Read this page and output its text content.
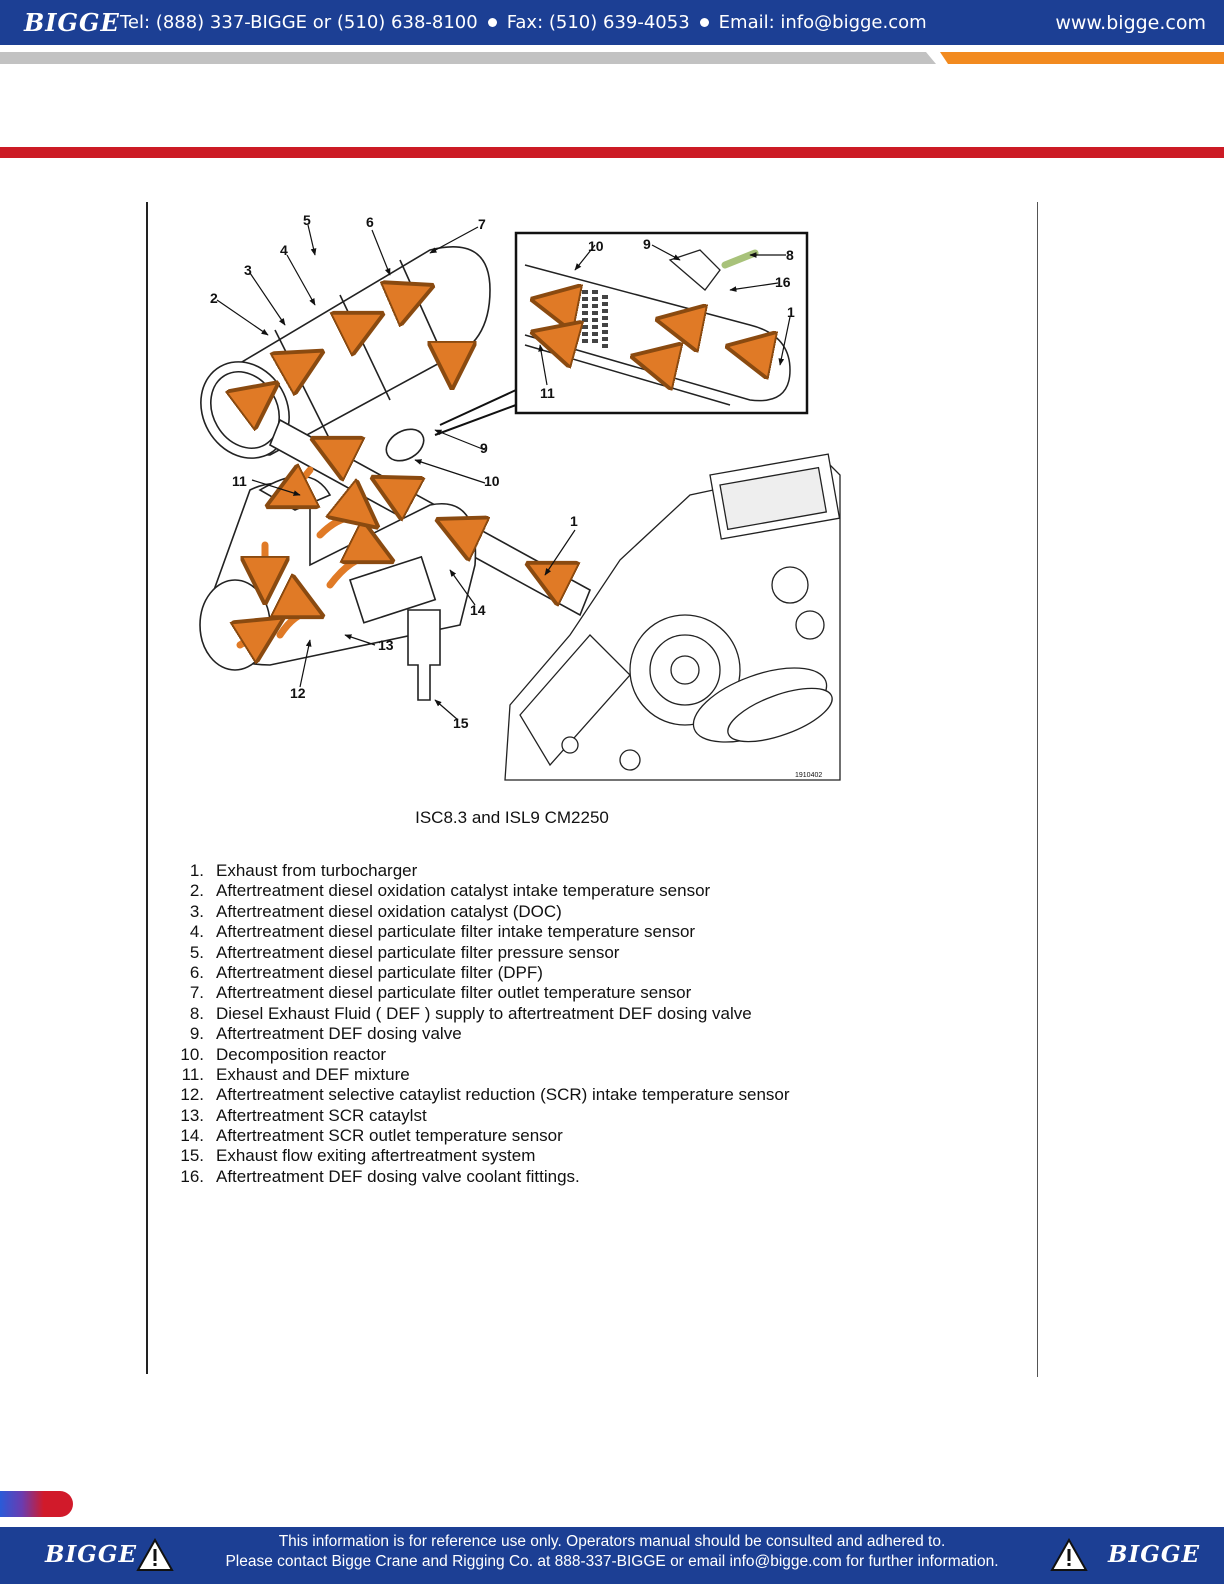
BIGGE Tel: (888) 337-BIGGE or (510) 638-8100 Fax: (510) 639-4053 Email: info@bigge.com	www.bigge.com
1
2
3
4
5	6	7
9
10
11
12
13
14
15
10	9
8
16
1
11
1910402
ISC8.3 and ISL9 CM2250
1. Exhaust from turbocharger
2. Aftertreatment diesel oxidation catalyst intake temperature sensor
3. Aftertreatment diesel oxidation catalyst (DOC)
4. Aftertreatment diesel particulate filter intake temperature sensor
5. Aftertreatment diesel particulate filter pressure sensor
6. Aftertreatment diesel particulate filter (DPF)
7. Aftertreatment diesel particulate filter outlet temperature sensor
8. Diesel Exhaust Fluid ( DEF ) supply to aftertreatment DEF dosing valve
9. Aftertreatment DEF dosing valve
10. Decomposition reactor
11. Exhaust and DEF mixture
12. Aftertreatment selective cataylist reduction (SCR) intake temperature sensor
13. Aftertreatment SCR cataylst
14. Aftertreatment SCR outlet temperature sensor
15. Exhaust flow exiting aftertreatment system
16. Aftertreatment DEF dosing valve coolant fittings.
BIGGE	This information is for reference use only. Operators manual should be consulted and adhered to.
Please contact Bigge Crane and Rigging Co. at 888-337-BIGGE or email info@bigge.com for further information.	BIGGE
